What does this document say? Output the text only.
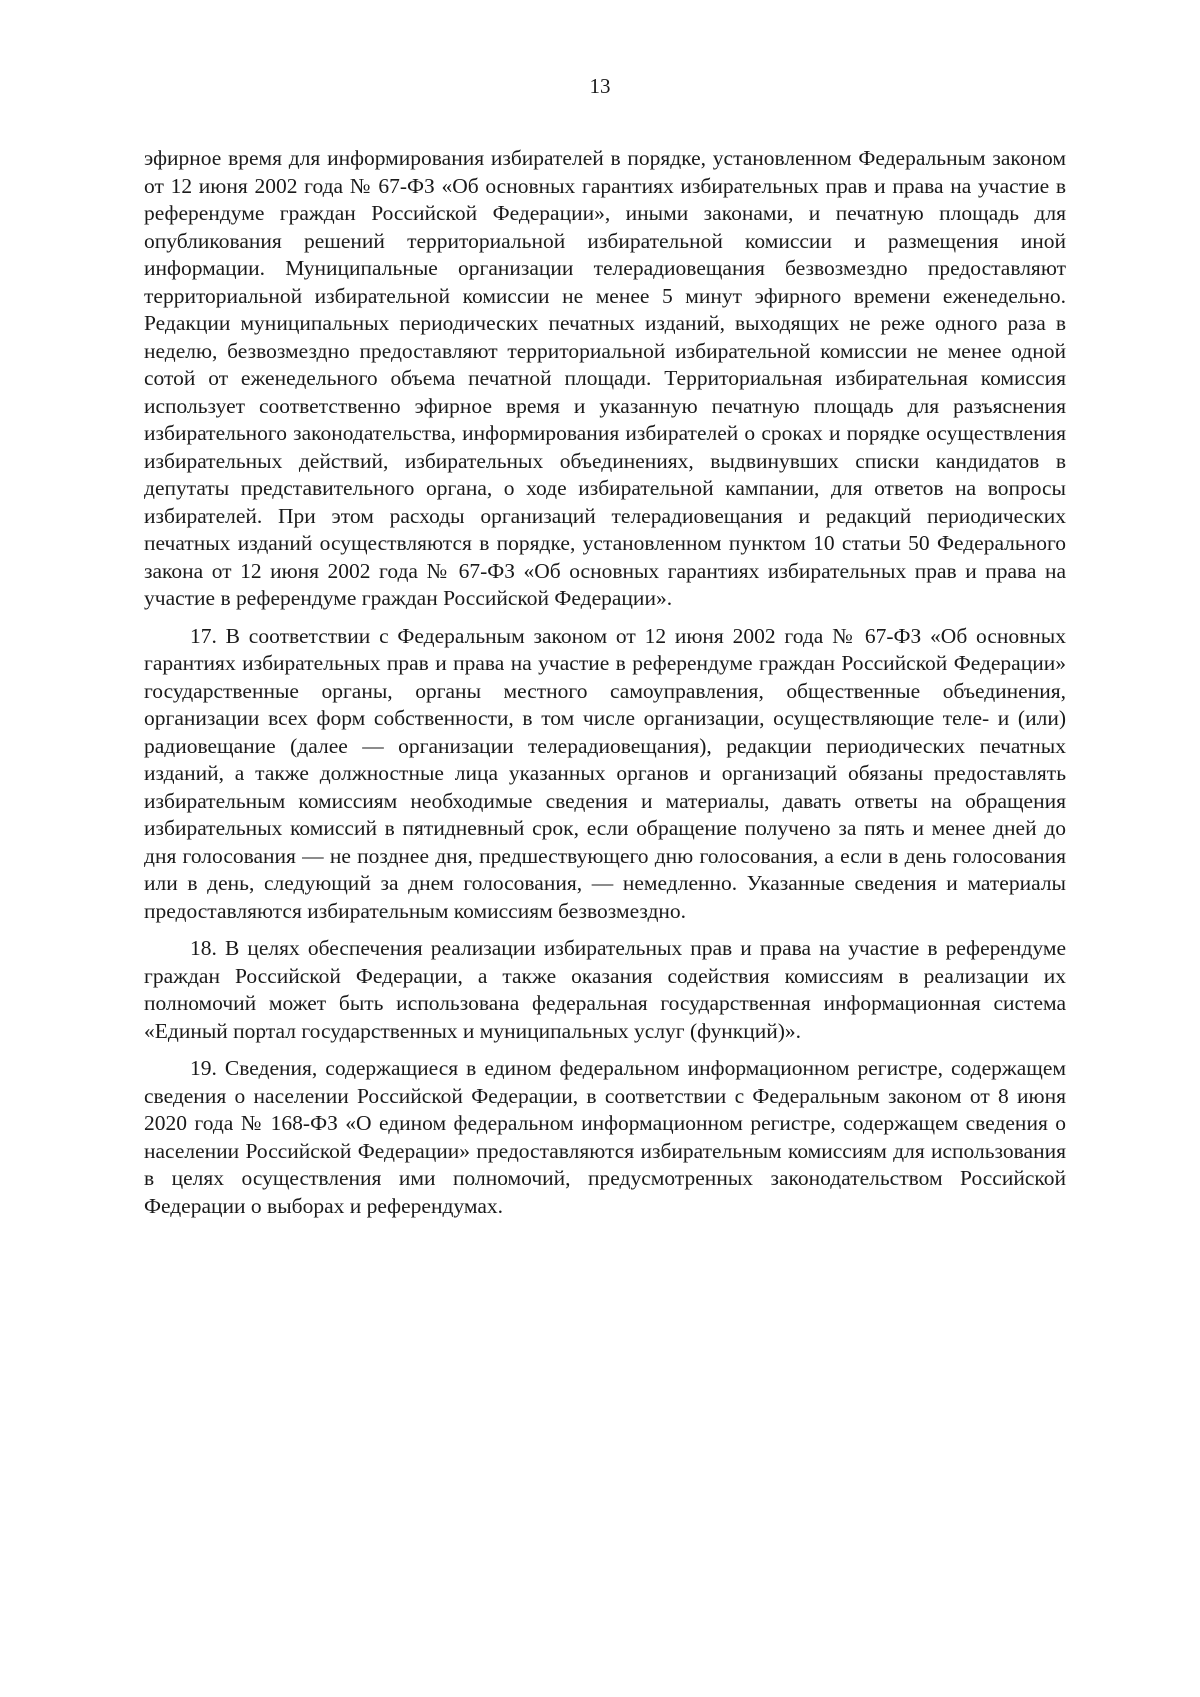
13

эфирное время для информирования избирателей в порядке, установленном Федеральным законом от 12 июня 2002 года № 67-ФЗ «Об основных гарантиях избирательных прав и права на участие в референдуме граждан Российской Федерации», иными законами, и печатную площадь для опубликования решений территориальной избирательной комиссии и размещения иной информации. Муниципальные организации телерадиовещания безвозмездно предоставляют территориальной избирательной комиссии не менее 5 минут эфирного времени еженедельно. Редакции муниципальных периодических печатных изданий, выходящих не реже одного раза в неделю, безвозмездно предоставляют территориальной избирательной комиссии не менее одной сотой от еженедельного объема печатной площади. Территориальная избирательная комиссия использует соответственно эфирное время и указанную печатную площадь для разъяснения избирательного законодательства, информирования избирателей о сроках и порядке осуществления избирательных действий, избирательных объединениях, выдвинувших списки кандидатов в депутаты представительного органа, о ходе избирательной кампании, для ответов на вопросы избирателей. При этом расходы организаций телерадиовещания и редакций периодических печатных изданий осуществляются в порядке, установленном пунктом 10 статьи 50 Федерального закона от 12 июня 2002 года № 67-ФЗ «Об основных гарантиях избирательных прав и права на участие в референдуме граждан Российской Федерации».

17. В соответствии с Федеральным законом от 12 июня 2002 года № 67-ФЗ «Об основных гарантиях избирательных прав и права на участие в референдуме граждан Российской Федерации» государственные органы, органы местного самоуправления, общественные объединения, организации всех форм собственности, в том числе организации, осуществляющие теле- и (или) радиовещание (далее — организации телерадиовещания), редакции периодических печатных изданий, а также должностные лица указанных органов и организаций обязаны предоставлять избирательным комиссиям необходимые сведения и материалы, давать ответы на обращения избирательных комиссий в пятидневный срок, если обращение получено за пять и менее дней до дня голосования — не позднее дня, предшествующего дню голосования, а если в день голосования или в день, следующий за днем голосования, — немедленно. Указанные сведения и материалы предоставляются избирательным комиссиям безвозмездно.

18. В целях обеспечения реализации избирательных прав и права на участие в референдуме граждан Российской Федерации, а также оказания содействия комиссиям в реализации их полномочий может быть использована федеральная государственная информационная система «Единый портал государственных и муниципальных услуг (функций)».

19. Сведения, содержащиеся в едином федеральном информационном регистре, содержащем сведения о населении Российской Федерации, в соответствии с Федеральным законом от 8 июня 2020 года № 168-ФЗ «О едином федеральном информационном регистре, содержащем сведения о населении Российской Федерации» предоставляются избирательным комиссиям для использования в целях осуществления ими полномочий, предусмотренных законодательством Российской Федерации о выборах и референдумах.
